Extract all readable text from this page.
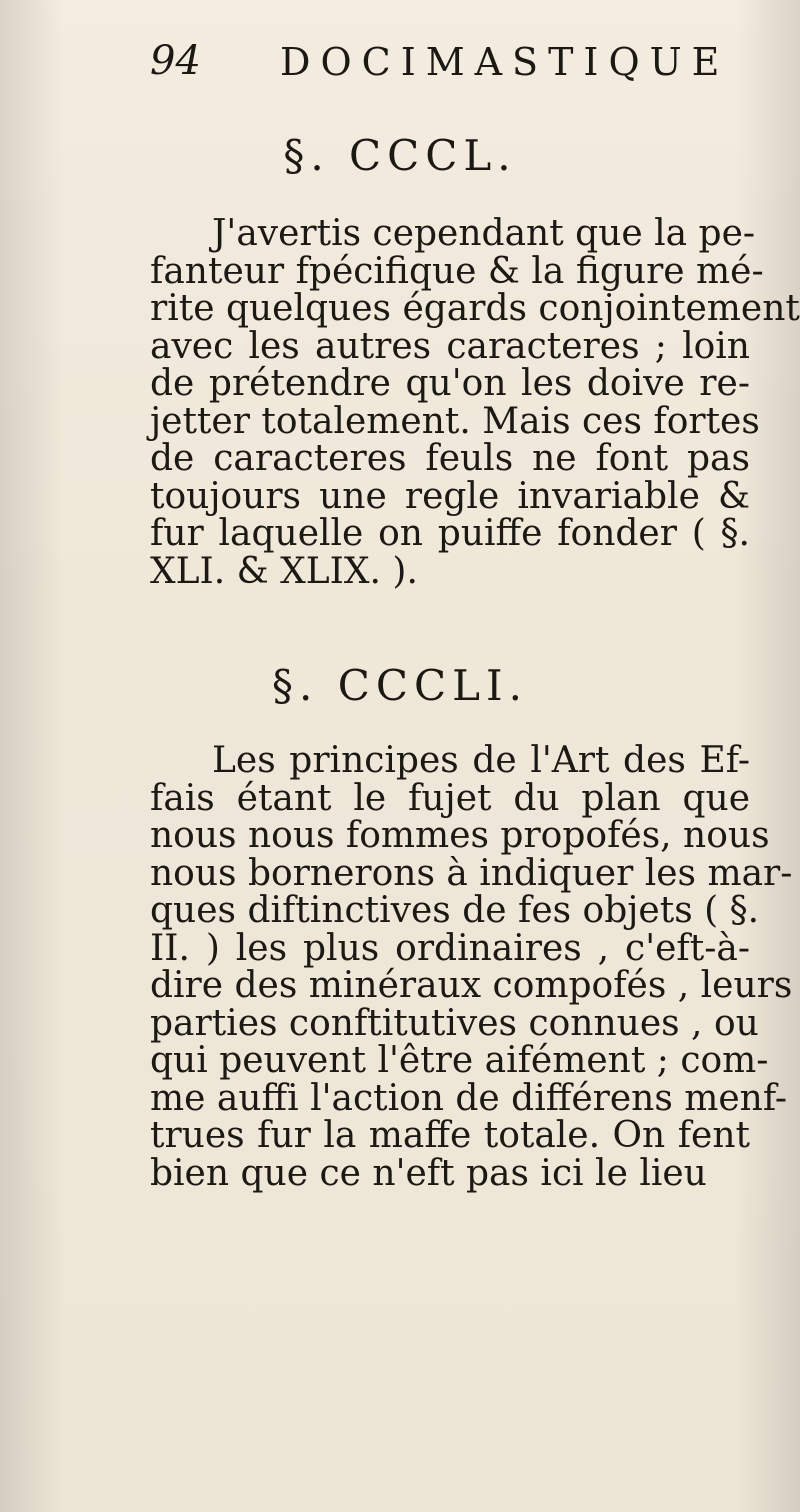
94 DOCIMASTIQUE
§. CCCL.
J'avertis cependant que la pe-
fanteur fpécifique & la figure mé-
rite quelques égards conjointement
avec les autres caracteres ; loin
de prétendre qu'on les doive re-
jetter totalement. Mais ces fortes
de caracteres feuls ne font pas
toujours une regle invariable &
fur laquelle on puiffe fonder ( §.
XLI. & XLIX. ).
§. CCCLI.
Les principes de l'Art des Ef-
fais étant le fujet du plan que
nous nous fommes propofés, nous
nous bornerons à indiquer les mar-
ques diftinctives de fes objets ( §.
II. ) les plus ordinaires , c'eft-à-
dire des minéraux compofés , leurs
parties conftitutives connues , ou
qui peuvent l'être aifément ; com-
me auffi l'action de différens menf-
trues fur la maffe totale. On fent
bien que ce n'eft pas ici le lieu
